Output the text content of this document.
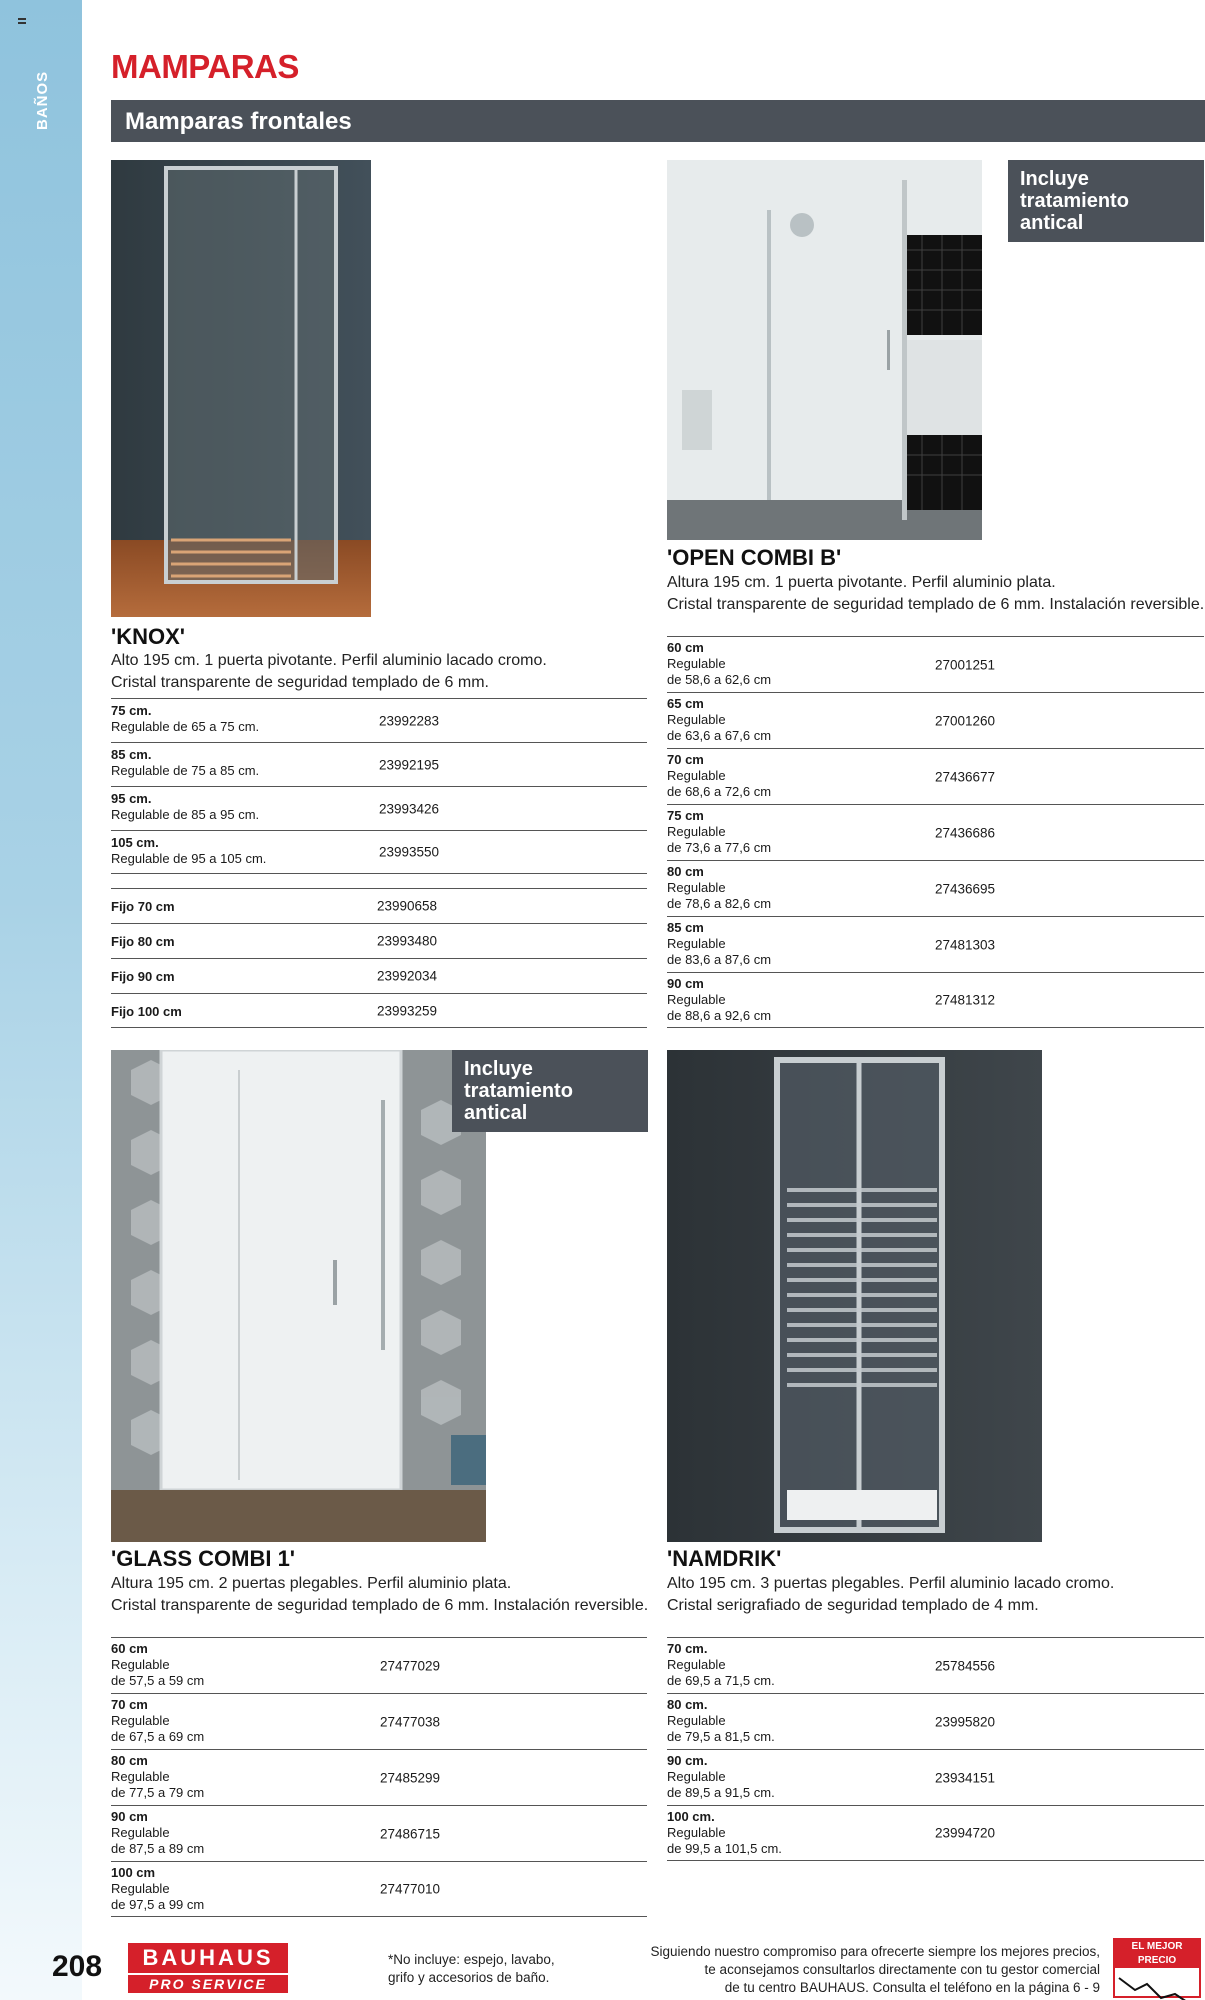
BAÑOS
MAMPARAS
Mamparas frontales
'KNOX'
Alto 195 cm. 1 puerta pivotante. Perfil aluminio lacado cromo.
Cristal transparente de seguridad templado de 6 mm.
75 cm.
Regulable de 65 a 75 cm.	23992283
85 cm.
Regulable de 75 a 85 cm.	23992195
95 cm.
Regulable de 85 a 95 cm.	23993426
105 cm.
Regulable de 95 a 105 cm.	23993550
Fijo 70 cm	23990658
Fijo 80 cm	23993480
Fijo 90 cm	23992034
Fijo 100 cm	23993259
Incluye tratamiento antical
'OPEN COMBI B'
Altura 195 cm. 1 puerta pivotante. Perfil aluminio plata.
Cristal transparente de seguridad templado de 6 mm. Instalación reversible.
60 cm
Regulable
de 58,6 a 62,6 cm
27001251
65 cm
Regulable
de 63,6 a 67,6 cm
27001260
70 cm
Regulable
de 68,6 a 72,6 cm
27436677
75 cm
Regulable
de 73,6 a 77,6 cm
27436686
80 cm
Regulable
de 78,6 a 82,6 cm
27436695
85 cm
Regulable
de 83,6 a 87,6 cm
27481303
90 cm
Regulable
de 88,6 a 92,6 cm
27481312
Incluye tratamiento antical
'GLASS COMBI 1'
Altura 195 cm. 2 puertas plegables. Perfil aluminio plata.
Cristal transparente de seguridad templado de 6 mm. Instalación reversible.
60 cm
Regulable
de 57,5 a 59 cm
27477029
70 cm
Regulable
de 67,5 a 69 cm
27477038
80 cm
Regulable
de 77,5 a 79 cm
27485299
90 cm
Regulable
de 87,5 a 89 cm
27486715
100 cm
Regulable
de 97,5 a 99 cm
27477010
'NAMDRIK'
Alto 195 cm. 3 puertas plegables. Perfil aluminio lacado cromo.
Cristal serigrafiado de seguridad templado de 4 mm.
70 cm.
Regulable
de 69,5 a 71,5 cm.
25784556
80 cm.
Regulable
de 79,5 a 81,5 cm.
23995820
90 cm.
Regulable
de 89,5 a 91,5 cm.
23934151
100 cm.
Regulable
de 99,5 a 101,5 cm.
23994720
208	BAUHAUS
PRO SERVICE
*No incluye: espejo, lavabo,
grifo y accesorios de baño.
Siguiendo nuestro compromiso para ofrecerte siempre los mejores precios,
te aconsejamos consultarlos directamente con tu gestor comercial
de tu centro BAUHAUS. Consulta el teléfono en la página 6 - 9
EL MEJOR PRECIO
